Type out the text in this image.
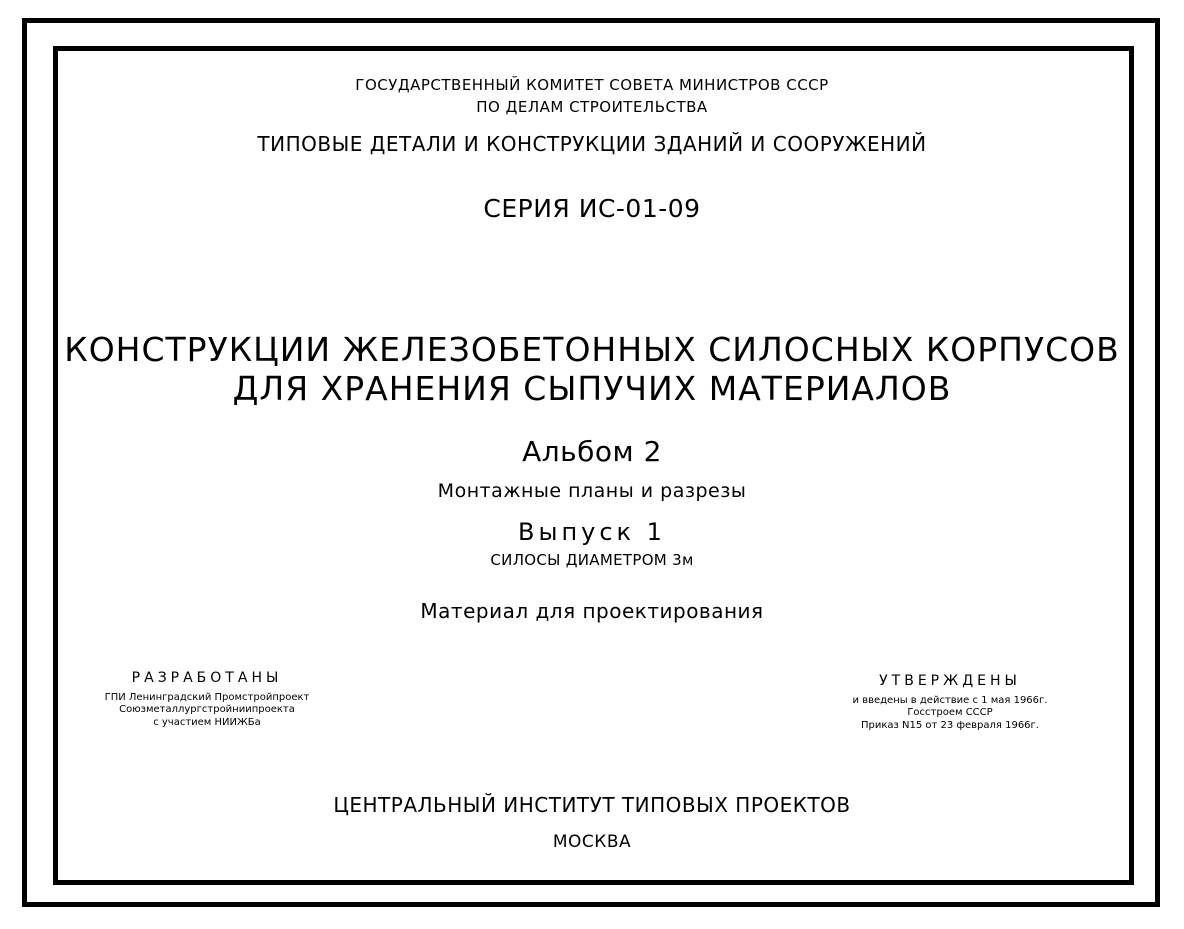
ГОСУДАРСТВЕННЫЙ КОМИТЕТ СОВЕТА МИНИСТРОВ СССР
ПО ДЕЛАМ СТРОИТЕЛЬСТВА
ТИПОВЫЕ ДЕТАЛИ И КОНСТРУКЦИИ ЗДАНИЙ И СООРУЖЕНИЙ
СЕРИЯ ИС-01-09
КОНСТРУКЦИИ ЖЕЛЕЗОБЕТОННЫХ СИЛОСНЫХ КОРПУСОВ
ДЛЯ ХРАНЕНИЯ СЫПУЧИХ МАТЕРИАЛОВ
Альбом 2
Монтажные планы и разрезы
Выпуск 1
СИЛОСЫ ДИАМЕТРОМ 3м
Материал для проектирования
РАЗРАБОТАНЫ
ГПИ Ленинградский Промстройпроект
Союзметаллургстройниипроекта
с участием НИИЖБа
УТВЕРЖДЕНЫ
и введены в действие с 1 мая 1966г.
Госстроем СССР
Приказ N15 от 23 февраля 1966г.
ЦЕНТРАЛЬНЫЙ ИНСТИТУТ ТИПОВЫХ ПРОЕКТОВ
МОСКВА
